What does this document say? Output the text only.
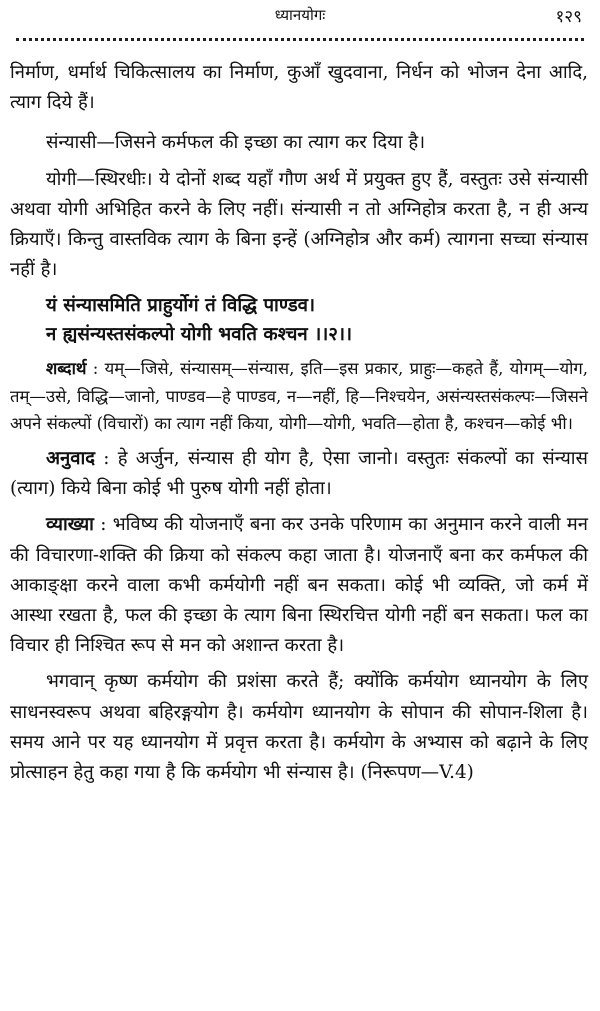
ध्यानयोगः	१२९

निर्माण, धर्मार्थ चिकित्सालय का निर्माण, कुआँ खुदवाना, निर्धन को भोजन देना आदि, त्याग दिये हैं।

संन्यासी—जिसने कर्मफल की इच्छा का त्याग कर दिया है।

योगी—स्थिरधीः। ये दोनों शब्द यहाँ गौण अर्थ में प्रयुक्त हुए हैं, वस्तुतः उसे संन्यासी अथवा योगी अभिहित करने के लिए नहीं। संन्यासी न तो अग्निहोत्र करता है, न ही अन्य क्रियाएँ। किन्तु वास्तविक त्याग के बिना इन्हें (अग्निहोत्र और कर्म) त्यागना सच्चा संन्यास नहीं है।

यं संन्यासमिति प्राहुर्योगं तं विद्धि पाण्डव।
न ह्यसंन्यस्तसंकल्पो योगी भवति कश्चन ।।२।।

शब्दार्थ : यम्—जिसे, संन्यासम्—संन्यास, इति—इस प्रकार, प्राहुः—कहते हैं, योगम्—योग, तम्—उसे, विद्धि—जानो, पाण्डव—हे पाण्डव, न—नहीं, हि—निश्चयेन, असंन्यस्तसंकल्पः—जिसने अपने संकल्पों (विचारों) का त्याग नहीं किया, योगी—योगी, भवति—होता है, कश्चन—कोई भी।

अनुवाद : हे अर्जुन, संन्यास ही योग है, ऐसा जानो। वस्तुतः संकल्पों का संन्यास (त्याग) किये बिना कोई भी पुरुष योगी नहीं होता।

व्याख्या : भविष्य की योजनाएँ बना कर उनके परिणाम का अनुमान करने वाली मन की विचारणा-शक्ति की क्रिया को संकल्प कहा जाता है। योजनाएँ बना कर कर्मफल की आकाङ्क्षा करने वाला कभी कर्मयोगी नहीं बन सकता। कोई भी व्यक्ति, जो कर्म में आस्था रखता है, फल की इच्छा के त्याग बिना स्थिरचित्त योगी नहीं बन सकता। फल का विचार ही निश्चित रूप से मन को अशान्त करता है।

भगवान् कृष्ण कर्मयोग की प्रशंसा करते हैं; क्योंकि कर्मयोग ध्यानयोग के लिए साधनस्वरूप अथवा बहिरङ्गयोग है। कर्मयोग ध्यानयोग के सोपान की सोपान-शिला है। समय आने पर यह ध्यानयोग में प्रवृत्त करता है। कर्मयोग के अभ्यास को बढ़ाने के लिए प्रोत्साहन हेतु कहा गया है कि कर्मयोग भी संन्यास है। (निरूपण—V.4)
